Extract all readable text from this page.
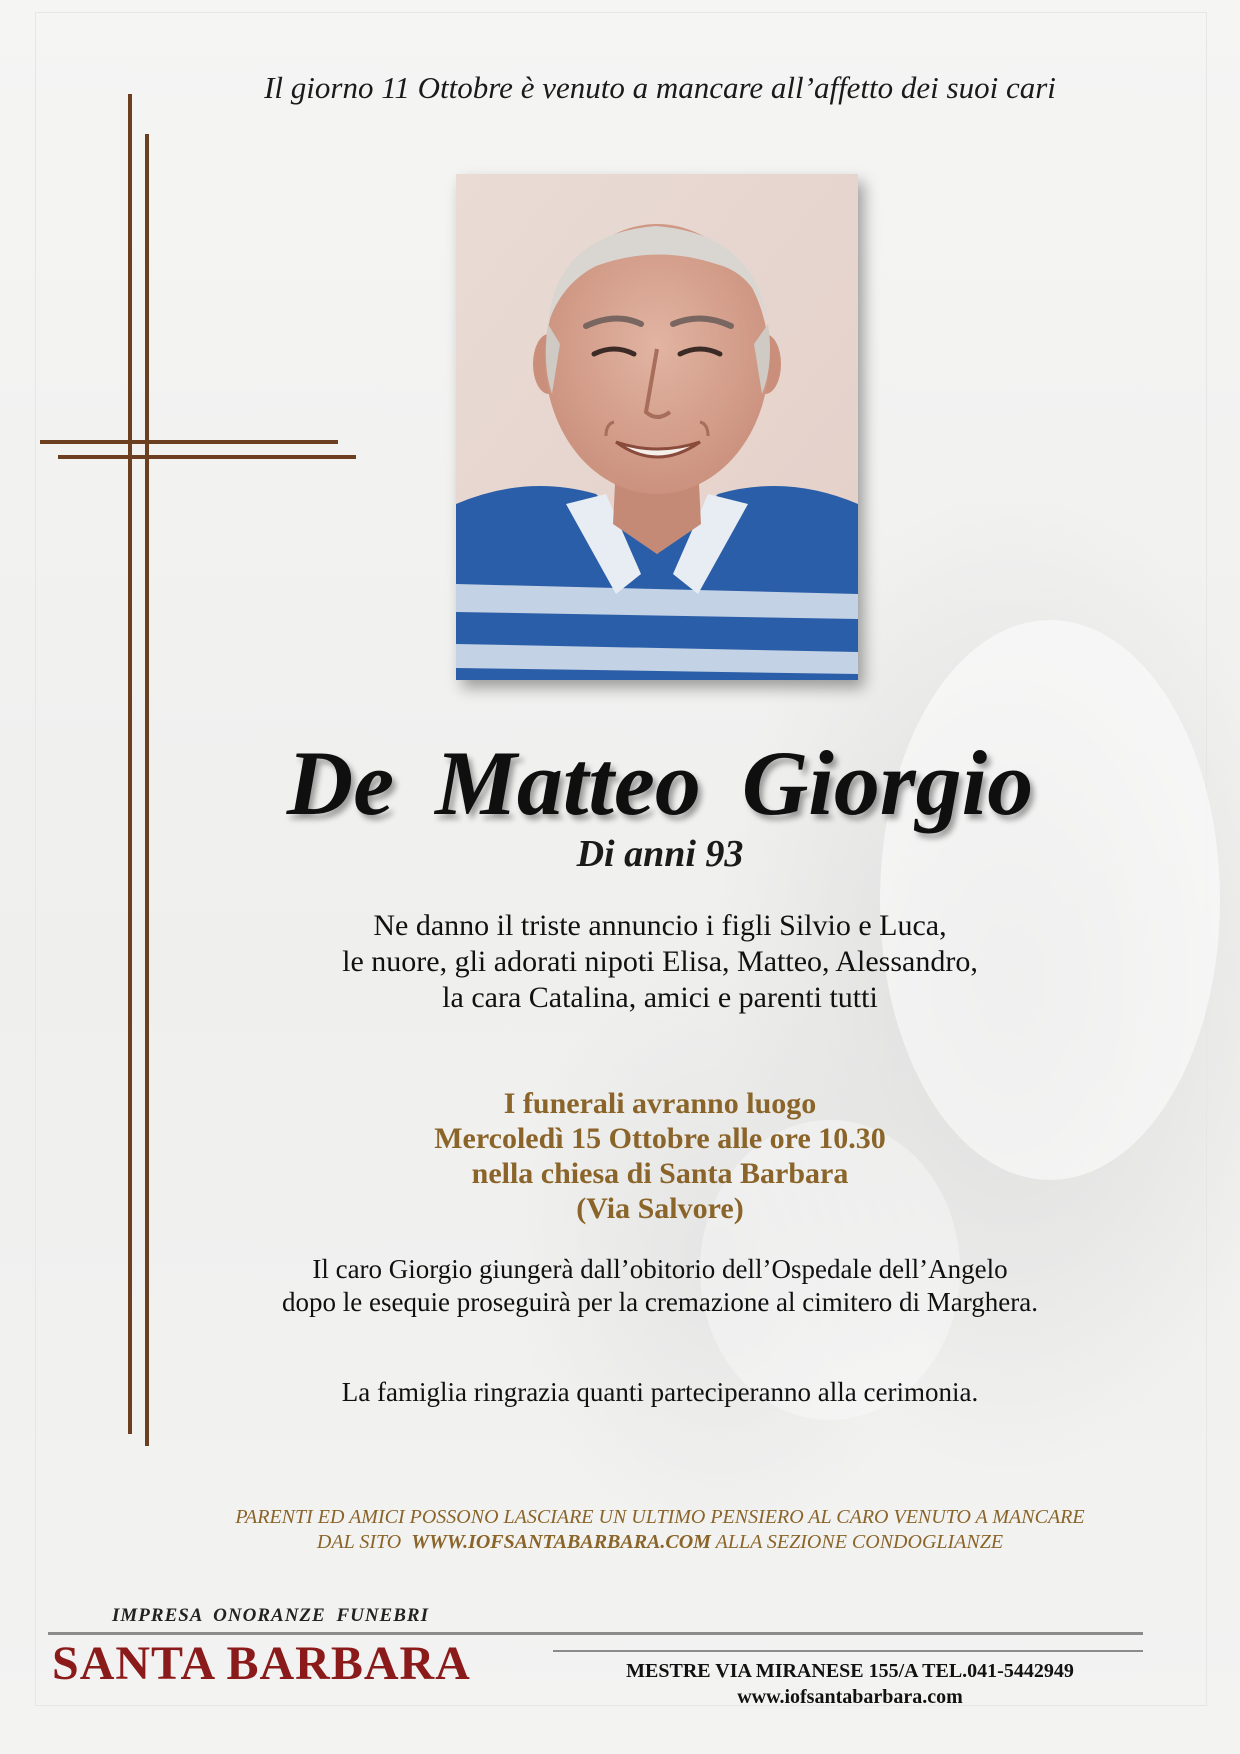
Il giorno 11 Ottobre è venuto a mancare all’affetto dei suoi cari
De Matteo Giorgio
Di anni 93
Ne danno il triste annuncio i figli Silvio e Luca,
le nuore, gli adorati nipoti Elisa, Matteo, Alessandro,
la cara Catalina, amici e parenti tutti
I funerali avranno luogo
Mercoledì 15 Ottobre alle ore 10.30
nella chiesa di Santa Barbara
(Via Salvore)
Il caro Giorgio giungerà dall’obitorio dell’Ospedale dell’Angelo
dopo le esequie proseguirà per la cremazione al cimitero di Marghera.
La famiglia ringrazia quanti parteciperanno alla cerimonia.
PARENTI ED AMICI POSSONO LASCIARE UN ULTIMO PENSIERO AL CARO VENUTO A MANCARE
DAL SITO WWW.IOFSANTABARBARA.COM ALLA SEZIONE CONDOGLIANZE
IMPRESA ONORANZE FUNEBRI
SANTA BARBARA	MESTRE VIA MIRANESE 155/A TEL.041-5442949
www.iofsantabarbara.com
